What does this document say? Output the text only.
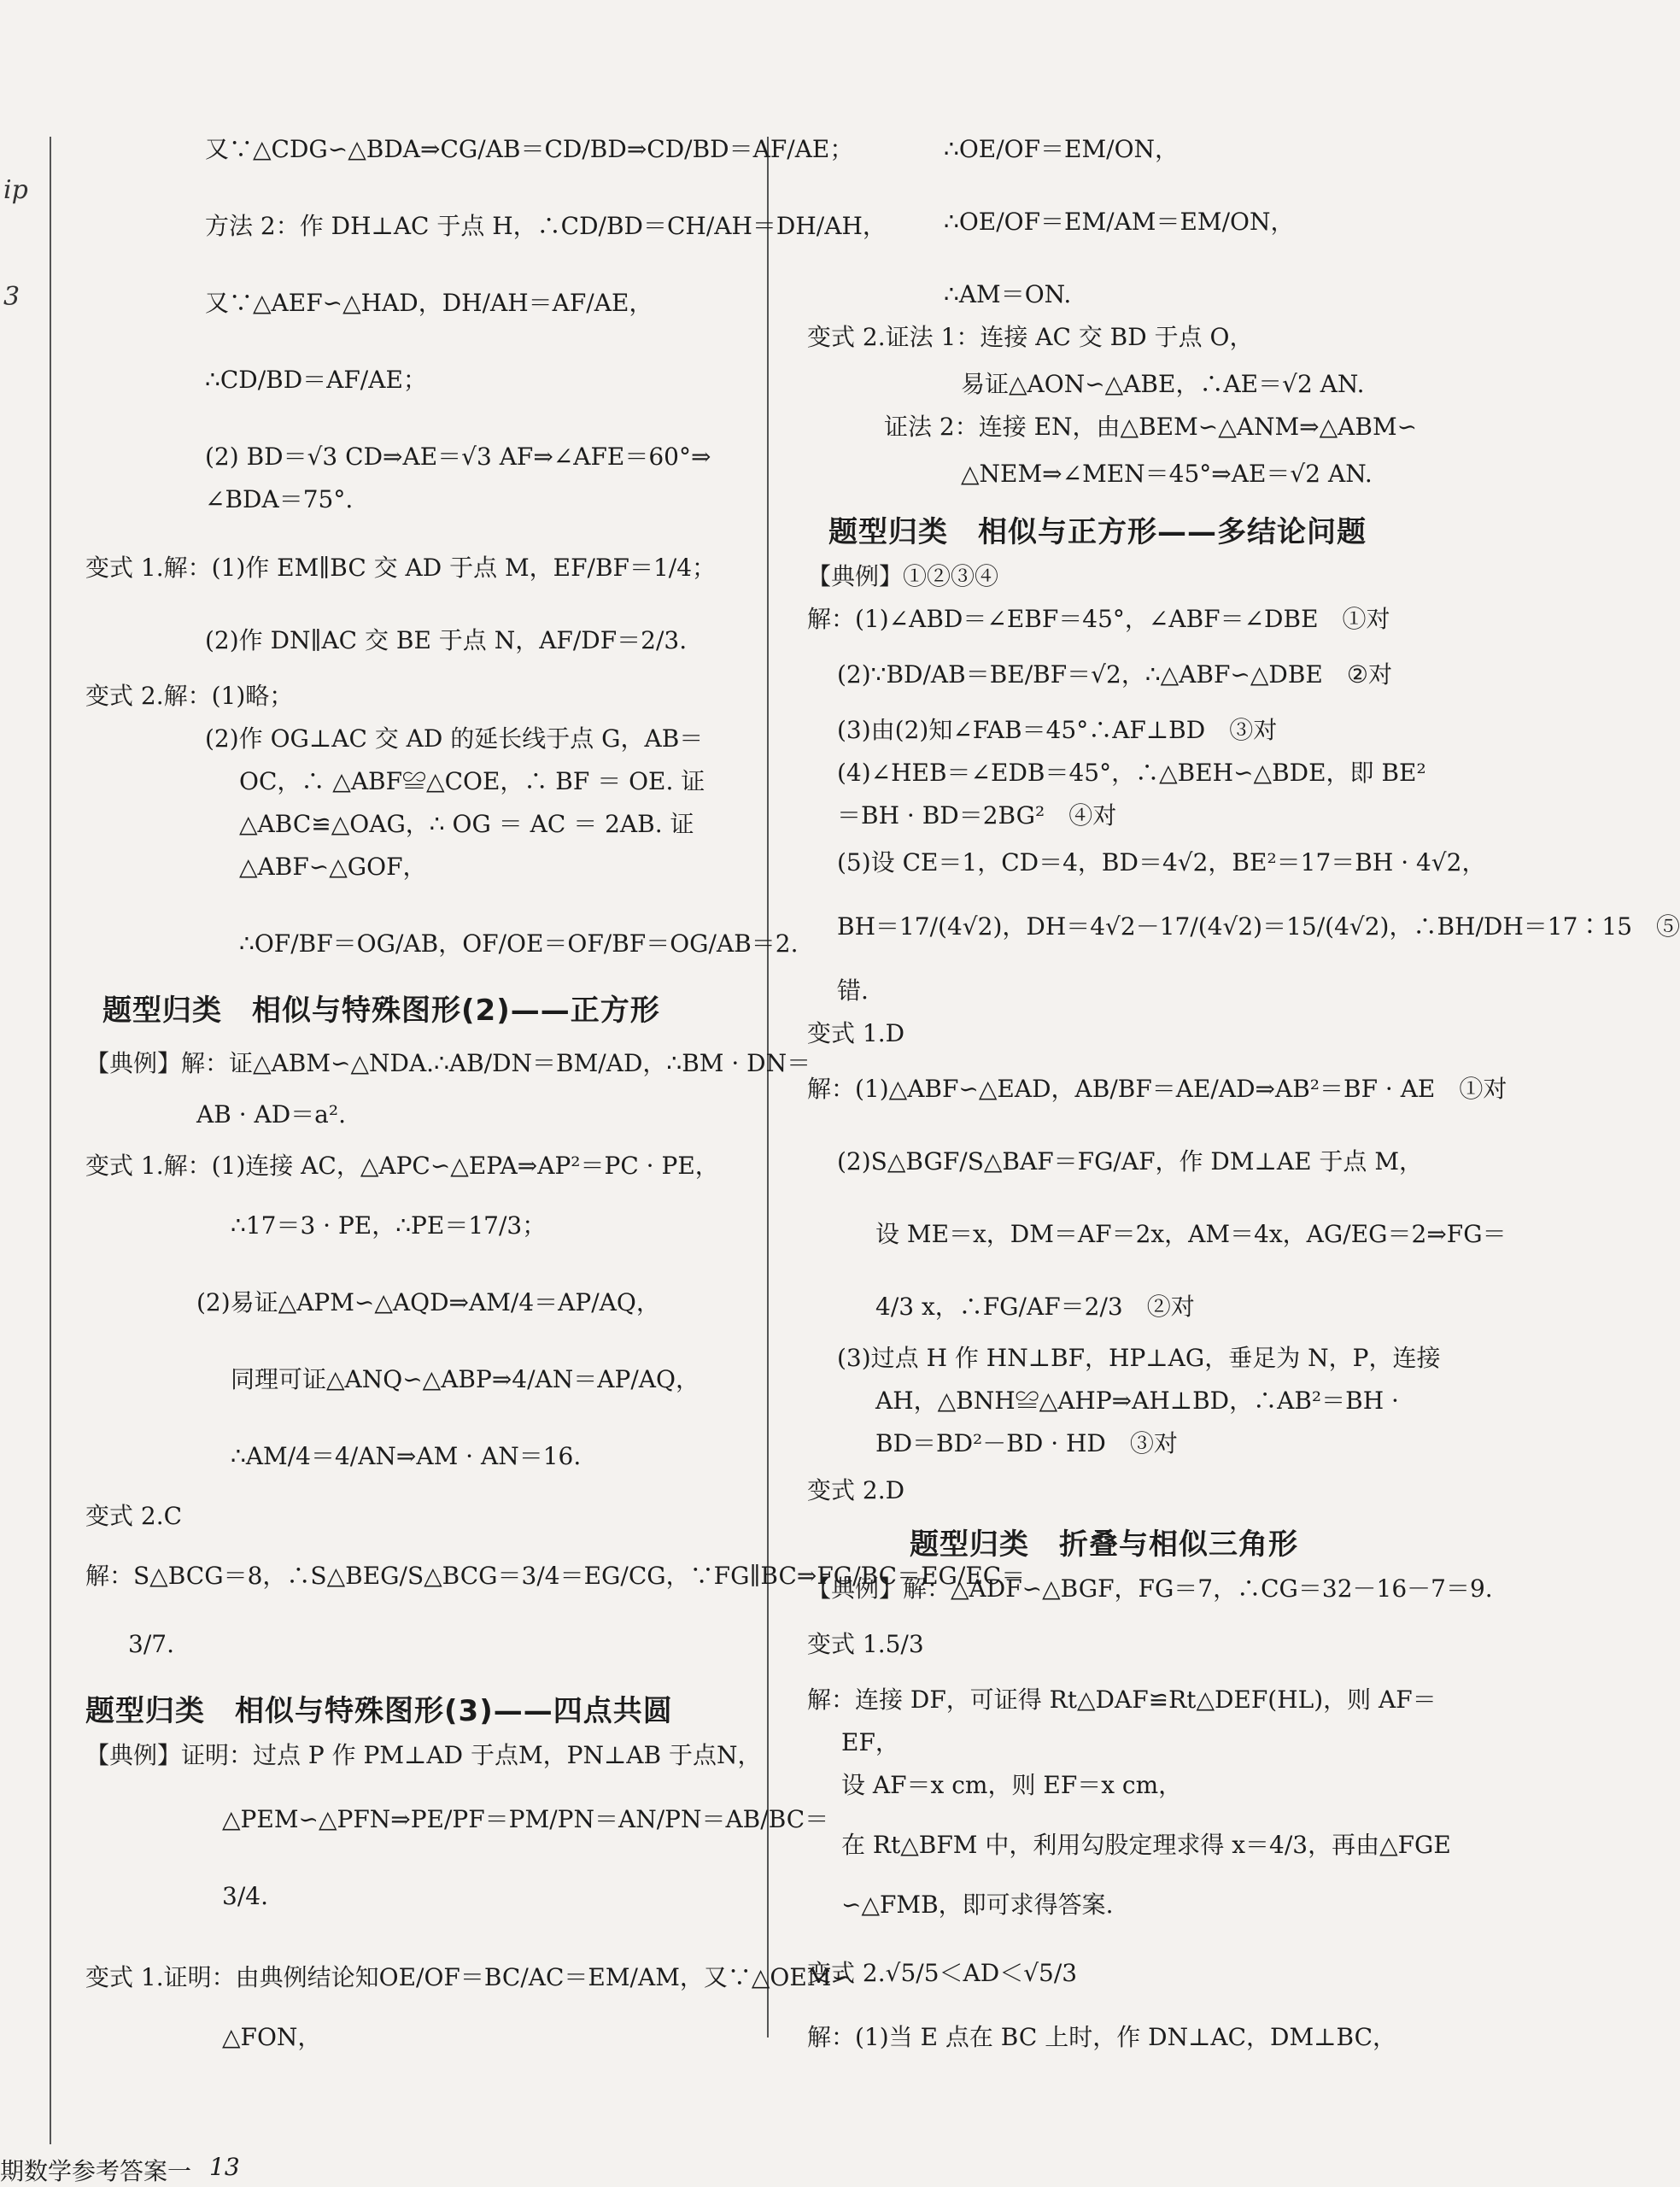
ip
3
又∵△CDG∽△BDA⇒CG/AB＝CD/BD⇒CD/BD＝AF/AE；
方法 2：作 DH⊥AC 于点 H，∴CD/BD＝CH/AH＝DH/AH，
又∵△AEF∽△HAD，DH/AH＝AF/AE，
∴CD/BD＝AF/AE；
(2) BD＝√3 CD⇒AE＝√3 AF⇒∠AFE＝60°⇒
∠BDA＝75°.
变式 1.解：(1)作 EM∥BC 交 AD 于点 M，EF/BF＝1/4；
(2)作 DN∥AC 交 BE 于点 N，AF/DF＝2/3.
变式 2.解：(1)略；
(2)作 OG⊥AC 交 AD 的延长线于点 G，AB＝
OC，∴ △ABF≌△COE，∴ BF ＝ OE. 证
△ABC≌△OAG，∴ OG ＝ AC ＝ 2AB. 证
△ABF∽△GOF，
∴OF/BF＝OG/AB，OF/OE＝OF/BF＝OG/AB＝2.
题型归类　相似与特殊图形(2)——正方形
【典例】解：证△ABM∽△NDA.∴AB/DN＝BM/AD，∴BM · DN＝
AB · AD＝a².
变式 1.解：(1)连接 AC，△APC∽△EPA⇒AP²＝PC · PE，
∴17＝3 · PE，∴PE＝17/3；
(2)易证△APM∽△AQD⇒AM/4＝AP/AQ，
同理可证△ANQ∽△ABP⇒4/AN＝AP/AQ，
∴AM/4＝4/AN⇒AM · AN＝16.
变式 2.C
解：S△BCG＝8，∴S△BEG/S△BCG＝3/4＝EG/CG，∵FG∥BC⇒FG/BC＝EG/EC＝
3/7.
题型归类　相似与特殊图形(3)——四点共圆
【典例】证明：过点 P 作 PM⊥AD 于点M，PN⊥AB 于点N，
△PEM∽△PFN⇒PE/PF＝PM/PN＝AN/PN＝AB/BC＝
3/4.
变式 1.证明：由典例结论知OE/OF＝BC/AC＝EM/AM，又∵△OEM∽
△FON，
∴OE/OF＝EM/ON，
∴OE/OF＝EM/AM＝EM/ON，
∴AM＝ON.
变式 2.证法 1：连接 AC 交 BD 于点 O，
易证△AON∽△ABE，∴AE＝√2 AN.
证法 2：连接 EN，由△BEM∽△ANM⇒△ABM∽
△NEM⇒∠MEN＝45°⇒AE＝√2 AN.
题型归类　相似与正方形——多结论问题
【典例】①②③④
解：(1)∠ABD＝∠EBF＝45°，∠ABF＝∠DBE　①对
(2)∵BD/AB＝BE/BF＝√2，∴△ABF∽△DBE　②对
(3)由(2)知∠FAB＝45°∴AF⊥BD　③对
(4)∠HEB＝∠EDB＝45°，∴△BEH∽△BDE，即 BE²
＝BH · BD＝2BG²　④对
(5)设 CE＝1，CD＝4，BD＝4√2，BE²＝17＝BH · 4√2，
BH＝17/(4√2)，DH＝4√2－17/(4√2)＝15/(4√2)，∴BH/DH＝17∶15　⑤
错.
变式 1.D
解：(1)△ABF∽△EAD，AB/BF＝AE/AD⇒AB²＝BF · AE　①对
(2)S△BGF/S△BAF＝FG/AF，作 DM⊥AE 于点 M，
设 ME＝x，DM＝AF＝2x，AM＝4x，AG/EG＝2⇒FG＝
4/3 x，∴FG/AF＝2/3　②对
(3)过点 H 作 HN⊥BF，HP⊥AG，垂足为 N，P，连接
AH，△BNH≌△AHP⇒AH⊥BD，∴AB²＝BH ·
BD＝BD²－BD · HD　③对
变式 2.D
题型归类　折叠与相似三角形
【典例】解：△ADF∽△BGF，FG＝7，∴CG＝32－16－7＝9.
变式 1.5/3
解：连接 DF，可证得 Rt△DAF≌Rt△DEF(HL)，则 AF＝
EF，
设 AF＝x cm，则 EF＝x cm，
在 Rt△BFM 中，利用勾股定理求得 x＝4/3，再由△FGE
∽△FMB，即可求得答案.
变式 2.√5/5＜AD＜√5/3
解：(1)当 E 点在 BC 上时，作 DN⊥AC，DM⊥BC，
期数学参考答案一 13
